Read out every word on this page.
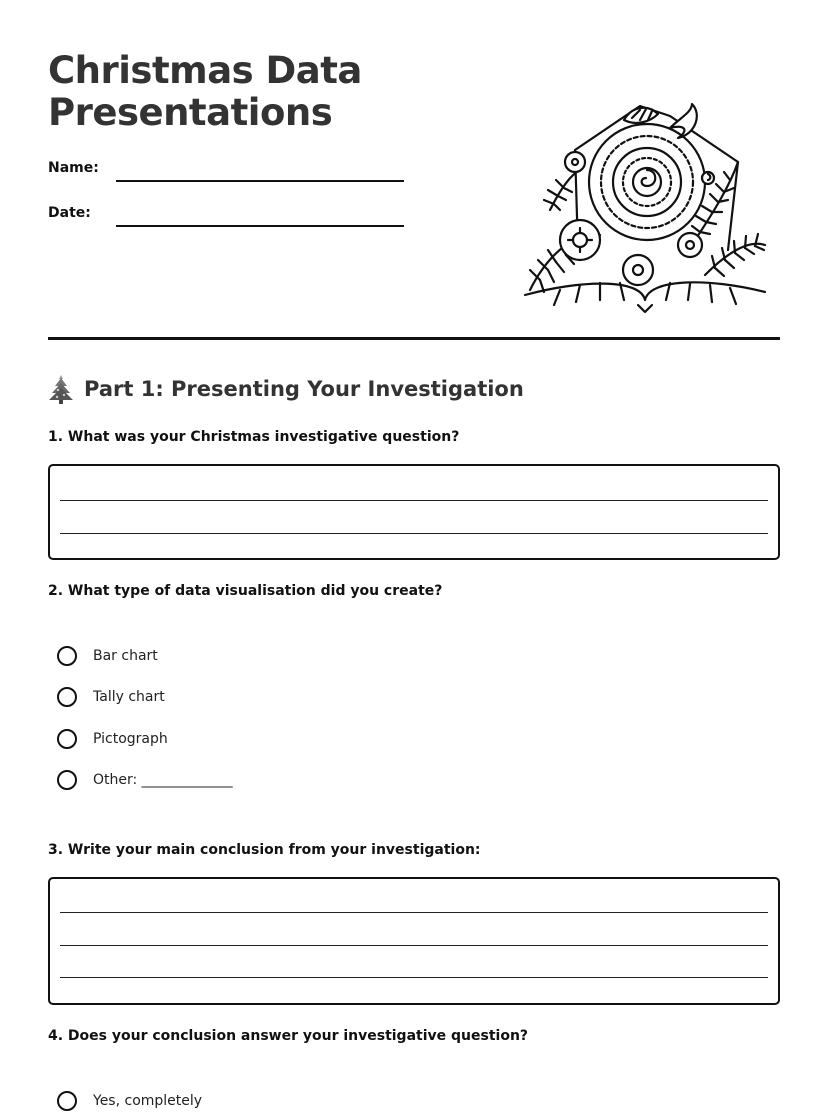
Christmas Data
Presentations
Name:
Date:
Part 1: Presenting Your Investigation
1. What was your Christmas investigative question?
2. What type of data visualisation did you create?
Bar chart
Tally chart
Pictograph
Other: _____________
3. Write your main conclusion from your investigation:
4. Does your conclusion answer your investigative question?
Yes, completely
